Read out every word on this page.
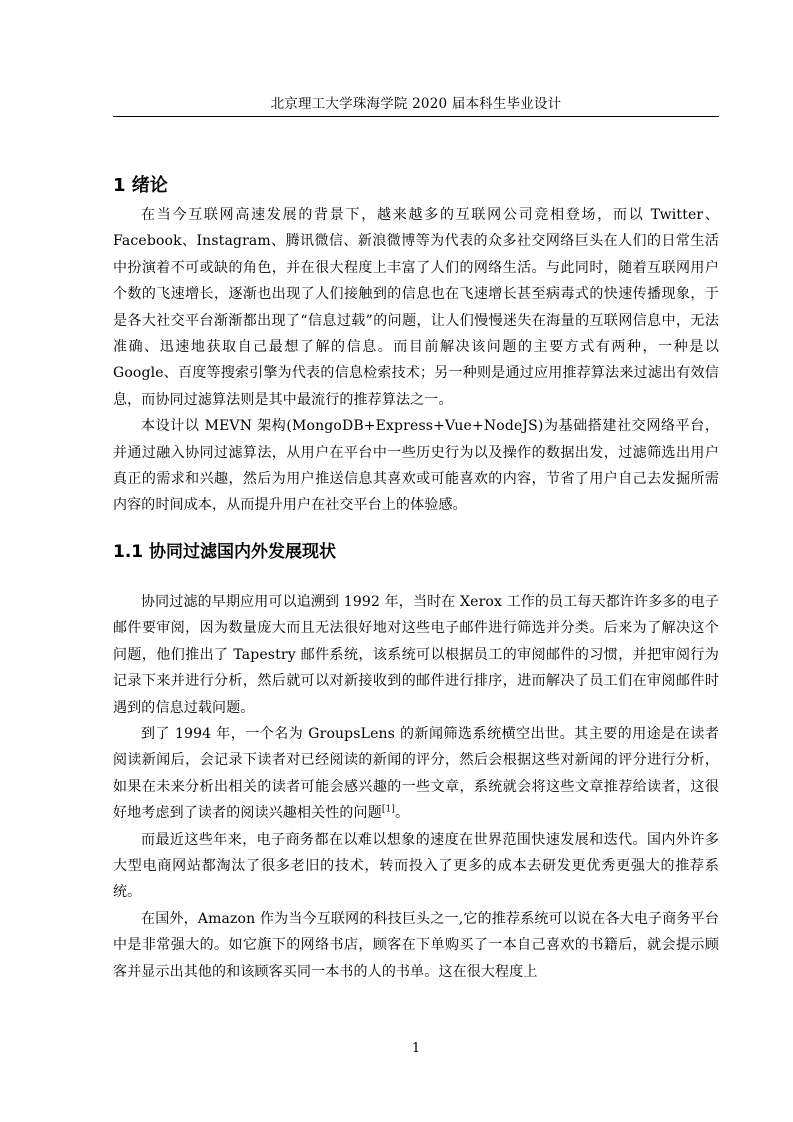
北京理工大学珠海学院 2020 届本科生毕业设计
1 绪论

在当今互联网高速发展的背景下，越来越多的互联网公司竞相登场，而以 Twitter、Facebook、Instagram、腾讯微信、新浪微博等为代表的众多社交网络巨头在人们的日常生活中扮演着不可或缺的角色，并在很大程度上丰富了人们的网络生活。与此同时，随着互联网用户个数的飞速增长，逐渐也出现了人们接触到的信息也在飞速增长甚至病毒式的快速传播现象，于是各大社交平台渐渐都出现了“信息过载”的问题，让人们慢慢迷失在海量的互联网信息中，无法准确、迅速地获取自己最想了解的信息。而目前解决该问题的主要方式有两种，一种是以 Google、百度等搜索引擎为代表的信息检索技术；另一种则是通过应用推荐算法来过滤出有效信息，而协同过滤算法则是其中最流行的推荐算法之一。

本设计以 MEVN 架构(MongoDB+Express+Vue+NodeJS)为基础搭建社交网络平台，并通过融入协同过滤算法，从用户在平台中一些历史行为以及操作的数据出发，过滤筛选出用户真正的需求和兴趣，然后为用户推送信息其喜欢或可能喜欢的内容，节省了用户自己去发掘所需内容的时间成本，从而提升用户在社交平台上的体验感。

1.1 协同过滤国内外发展现状

协同过滤的早期应用可以追溯到 1992 年，当时在 Xerox 工作的员工每天都许许多多的电子邮件要审阅，因为数量庞大而且无法很好地对这些电子邮件进行筛选并分类。后来为了解决这个问题，他们推出了 Tapestry 邮件系统，该系统可以根据员工的审阅邮件的习惯，并把审阅行为记录下来并进行分析，然后就可以对新接收到的邮件进行排序，进而解决了员工们在审阅邮件时遇到的信息过载问题。

到了 1994 年，一个名为 GroupsLens 的新闻筛选系统横空出世。其主要的用途是在读者阅读新闻后，会记录下读者对已经阅读的新闻的评分，然后会根据这些对新闻的评分进行分析，如果在未来分析出相关的读者可能会感兴趣的一些文章，系统就会将这些文章推荐给读者，这很好地考虑到了读者的阅读兴趣相关性的问题[1]。

而最近这些年来，电子商务都在以难以想象的速度在世界范围快速发展和迭代。国内外许多大型电商网站都淘汰了很多老旧的技术，转而投入了更多的成本去研发更优秀更强大的推荐系统。

在国外，Amazon 作为当今互联网的科技巨头之一,它的推荐系统可以说在各大电子商务平台中是非常强大的。如它旗下的网络书店，顾客在下单购买了一本自己喜欢的书籍后，就会提示顾客并显示出其他的和该顾客买同一本书的人的书单。这在很大程度上

1
